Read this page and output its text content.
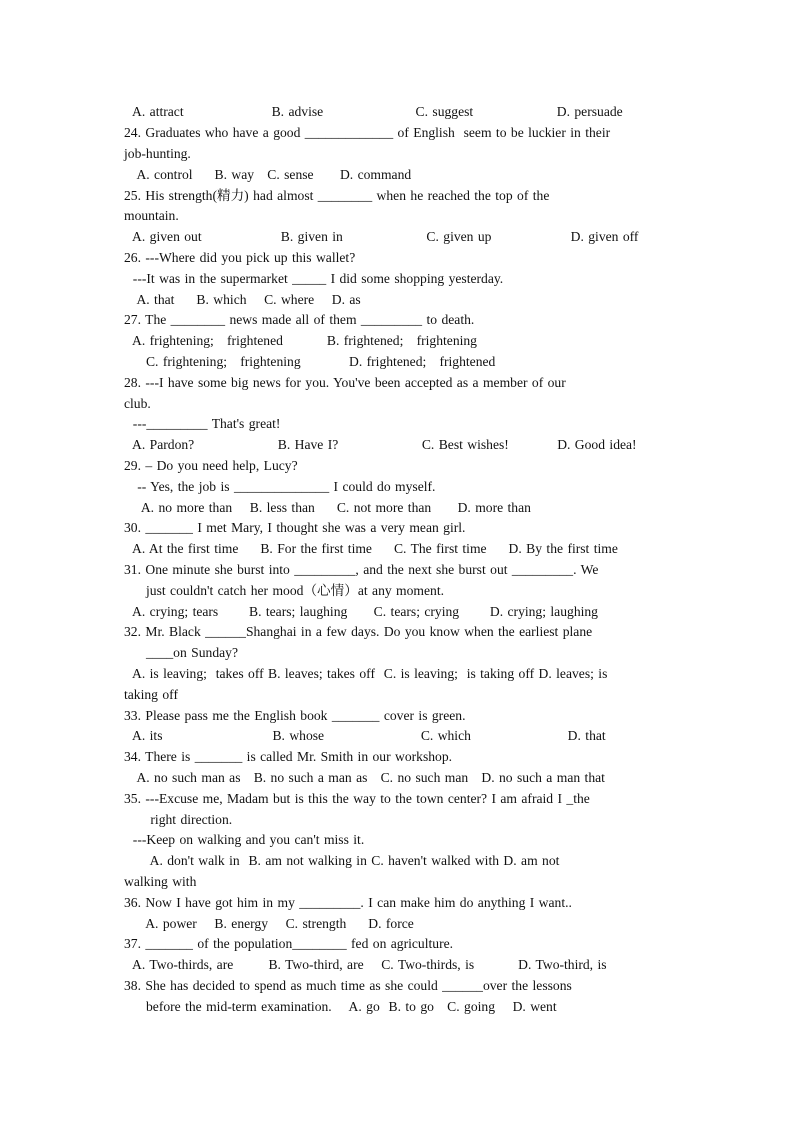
A. attract                    B. advise                     C. suggest                   D. persuade
24. Graduates who have a good _____________ of English  seem to be luckier in their
job-hunting.
A. control     B. way   C. sense      D. command
25. His strength(精力) had almost ________ when he reached the top of the
mountain.
A. given out                  B. given in                   C. given up                  D. given off
26. ---Where did you pick up this wallet?
---It was in the supermarket _____ I did some shopping yesterday.
A. that     B. which    C. where    D. as
27. The ________ news made all of them _________ to death.
A. frightening;   frightened          B. frightened;   frightening
C. frightening;   frightening           D. frightened;   frightened
28. ---I have some big news for you. You've been accepted as a member of our
club.
---_________ That's great!
A. Pardon?                   B. Have I?                   C. Best wishes!           D. Good idea!
29. – Do you need help, Lucy?
-- Yes, the job is ______________ I could do myself.
A. no more than    B. less than     C. not more than      D. more than
30. _______ I met Mary, I thought she was a very mean girl.
A. At the first time     B. For the first time     C. The first time     D. By the first time
31. One minute she burst into _________, and the next she burst out _________. We
just couldn't catch her mood（心情）at any moment.
A. crying; tears       B. tears; laughing      C. tears; crying       D. crying; laughing
32. Mr. Black ______Shanghai in a few days. Do you know when the earliest plane
____on Sunday?
A. is leaving;  takes off B. leaves; takes off  C. is leaving;  is taking off D. leaves; is
taking off
33. Please pass me the English book _______ cover is green.
A. its                         B. whose                      C. which                      D. that
34. There is _______ is called Mr. Smith in our workshop.
A. no such man as   B. no such a man as   C. no such man   D. no such a man that
35. ---Excuse me, Madam but is this the way to the town center? I am afraid I _the
right direction.
---Keep on walking and you can't miss it.
A. don't walk in  B. am not walking in C. haven't walked with D. am not
walking with
36. Now I have got him in my _________. I can make him do anything I want..
A. power    B. energy    C. strength     D. force
37. _______ of the population________ fed on agriculture.
A. Two-thirds, are        B. Two-third, are    C. Two-thirds, is          D. Two-third, is
38. She has decided to spend as much time as she could ______over the lessons
before the mid-term examination.    A. go  B. to go   C. going    D. went
